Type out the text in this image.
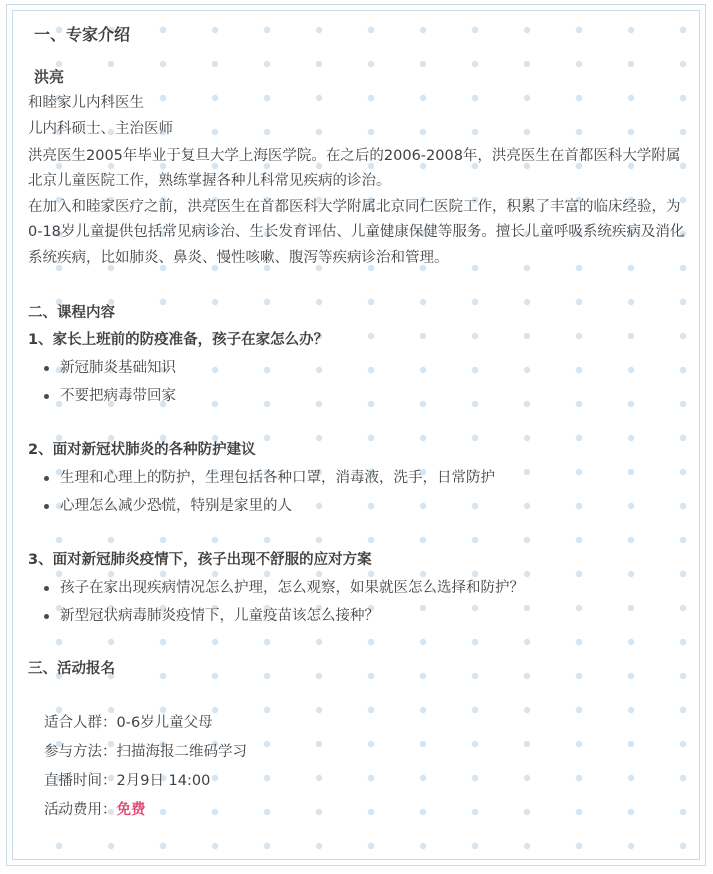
一、专家介绍
洪亮

和睦家儿内科医生

儿内科硕士、主治医师

洪亮医生2005年毕业于复旦大学上海医学院。在之后的2006-2008年，洪亮医生在首都医科大学附属北京儿童医院工作，熟练掌握各种儿科常见疾病的诊治。

在加入和睦家医疗之前，洪亮医生在首都医科大学附属北京同仁医院工作，积累了丰富的临床经验，为0-18岁儿童提供包括常见病诊治、生长发育评估、儿童健康保健等服务。擅长儿童呼吸系统疾病及消化系统疾病，比如肺炎、鼻炎、慢性咳嗽、腹泻等疾病诊治和管理。

二、课程内容
1、家长上班前的防疫准备，孩子在家怎么办？
新冠肺炎基础知识
不要把病毒带回家
2、面对新冠状肺炎的各种防护建议
生理和心理上的防护，生理包括各种口罩，消毒液，洗手，日常防护
心理怎么减少恐慌，特别是家里的人
3、面对新冠肺炎疫情下，孩子出现不舒服的应对方案
孩子在家出现疾病情况怎么护理，怎么观察，如果就医怎么选择和防护？
新型冠状病毒肺炎疫情下，儿童疫苗该怎么接种？
三、活动报名
适合人群：0-6岁儿童父母
参与方法：扫描海报二维码学习
直播时间：2月9日 14:00
活动费用：免费
